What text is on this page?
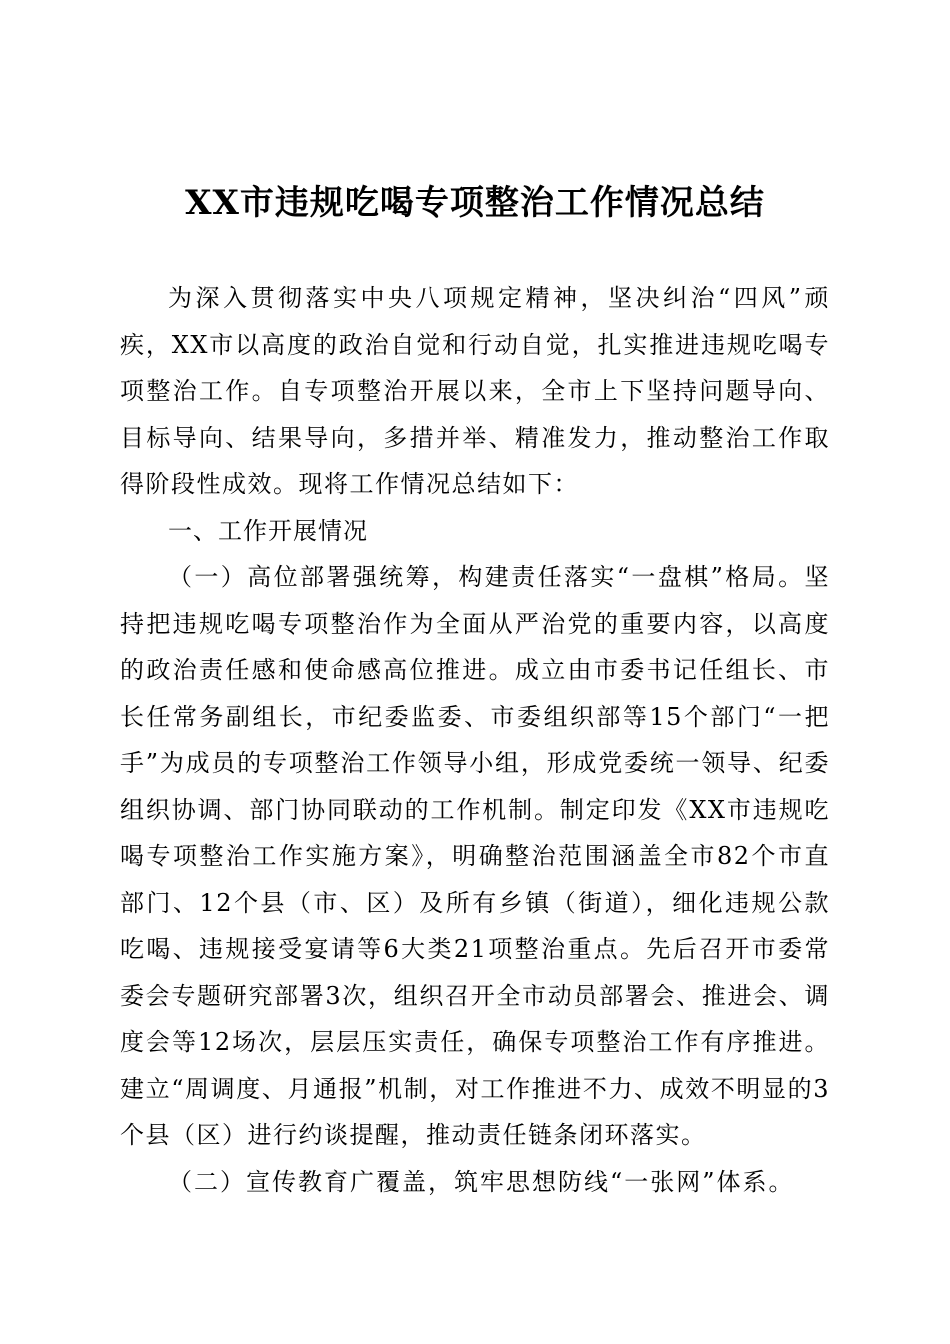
XX市违规吃喝专项整治工作情况总结

为深入贯彻落实中央八项规定精神，坚决纠治“四风”顽疾，XX市以高度的政治自觉和行动自觉，扎实推进违规吃喝专项整治工作。自专项整治开展以来，全市上下坚持问题导向、目标导向、结果导向，多措并举、精准发力，推动整治工作取得阶段性成效。现将工作情况总结如下：

一、工作开展情况

（一）高位部署强统筹，构建责任落实“一盘棋”格局。坚持把违规吃喝专项整治作为全面从严治党的重要内容，以高度的政治责任感和使命感高位推进。成立由市委书记任组长、市长任常务副组长，市纪委监委、市委组织部等15个部门“一把手”为成员的专项整治工作领导小组，形成党委统一领导、纪委组织协调、部门协同联动的工作机制。制定印发《XX市违规吃喝专项整治工作实施方案》，明确整治范围涵盖全市82个市直部门、12个县（市、区）及所有乡镇（街道），细化违规公款吃喝、违规接受宴请等6大类21项整治重点。先后召开市委常委会专题研究部署3次，组织召开全市动员部署会、推进会、调度会等12场次，层层压实责任，确保专项整治工作有序推进。建立“周调度、月通报”机制，对工作推进不力、成效不明显的3个县（区）进行约谈提醒，推动责任链条闭环落实。

（二）宣传教育广覆盖，筑牢思想防线“一张网”体系。
